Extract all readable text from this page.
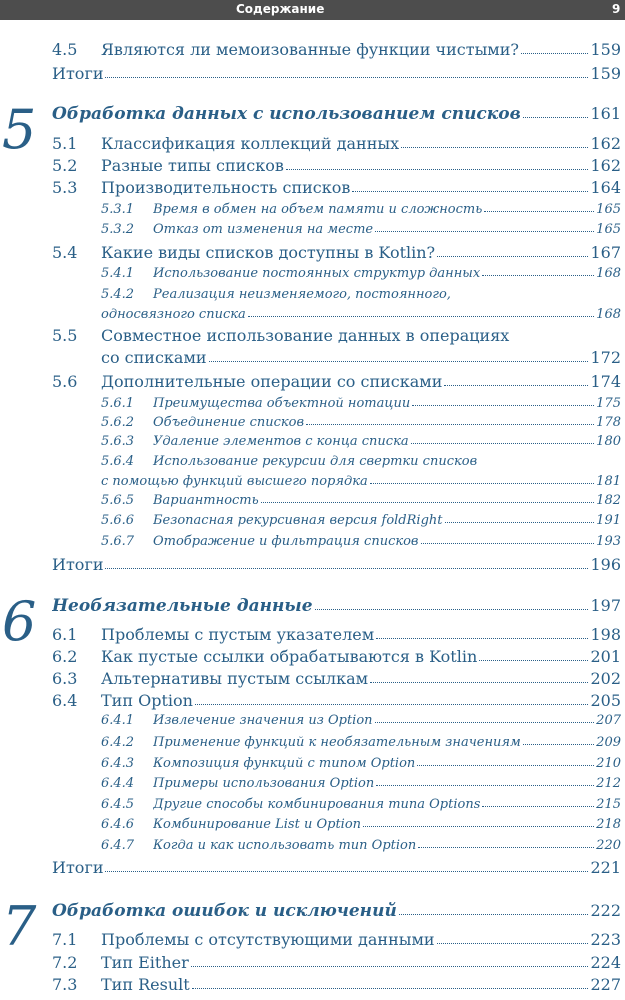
Содержание	9
4.5 Являются ли мемоизованные функции чистыми?	159
Итоги	159
5 Обработка данных с использованием списков	161
5.1 Классификация коллекций данных	162
5.2 Разные типы списков	162
5.3 Производительность списков	164
5.3.1 Время в обмен на объем памяти и сложность	165
5.3.2 Отказ от изменения на месте	165
5.4 Какие виды списков доступны в Kotlin?	167
5.4.1 Использование постоянных структур данных	168
5.4.2 Реализация неизменяемого, постоянного,
односвязного списка	168
5.5 Совместное использование данных в операциях
со списками	172
5.6 Дополнительные операции со списками	174
5.6.1 Преимущества объектной нотации	175
5.6.2 Объединение списков	178
5.6.3 Удаление элементов с конца списка	180
5.6.4 Использование рекурсии для свертки списков
с помощью функций высшего порядка	181
5.6.5 Вариантность	182
5.6.6 Безопасная рекурсивная версия foldRight	191
5.6.7 Отображение и фильтрация списков	193
Итоги	196
6 Необязательные данные	197
6.1 Проблемы с пустым указателем	198
6.2 Как пустые ссылки обрабатываются в Kotlin	201
6.3 Альтернативы пустым ссылкам	202
6.4 Тип Option	205
6.4.1 Извлечение значения из Option	207
6.4.2 Применение функций к необязательным значениям	209
6.4.3 Композиция функций с типом Option	210
6.4.4 Примеры использования Option	212
6.4.5 Другие способы комбинирования типа Options	215
6.4.6 Комбинирование List и Option	218
6.4.7 Когда и как использовать тип Option	220
Итоги	221
7 Обработка ошибок и исключений	222
7.1 Проблемы с отсутствующими данными	223
7.2 Тип Either	224
7.3 Тип Result	227
